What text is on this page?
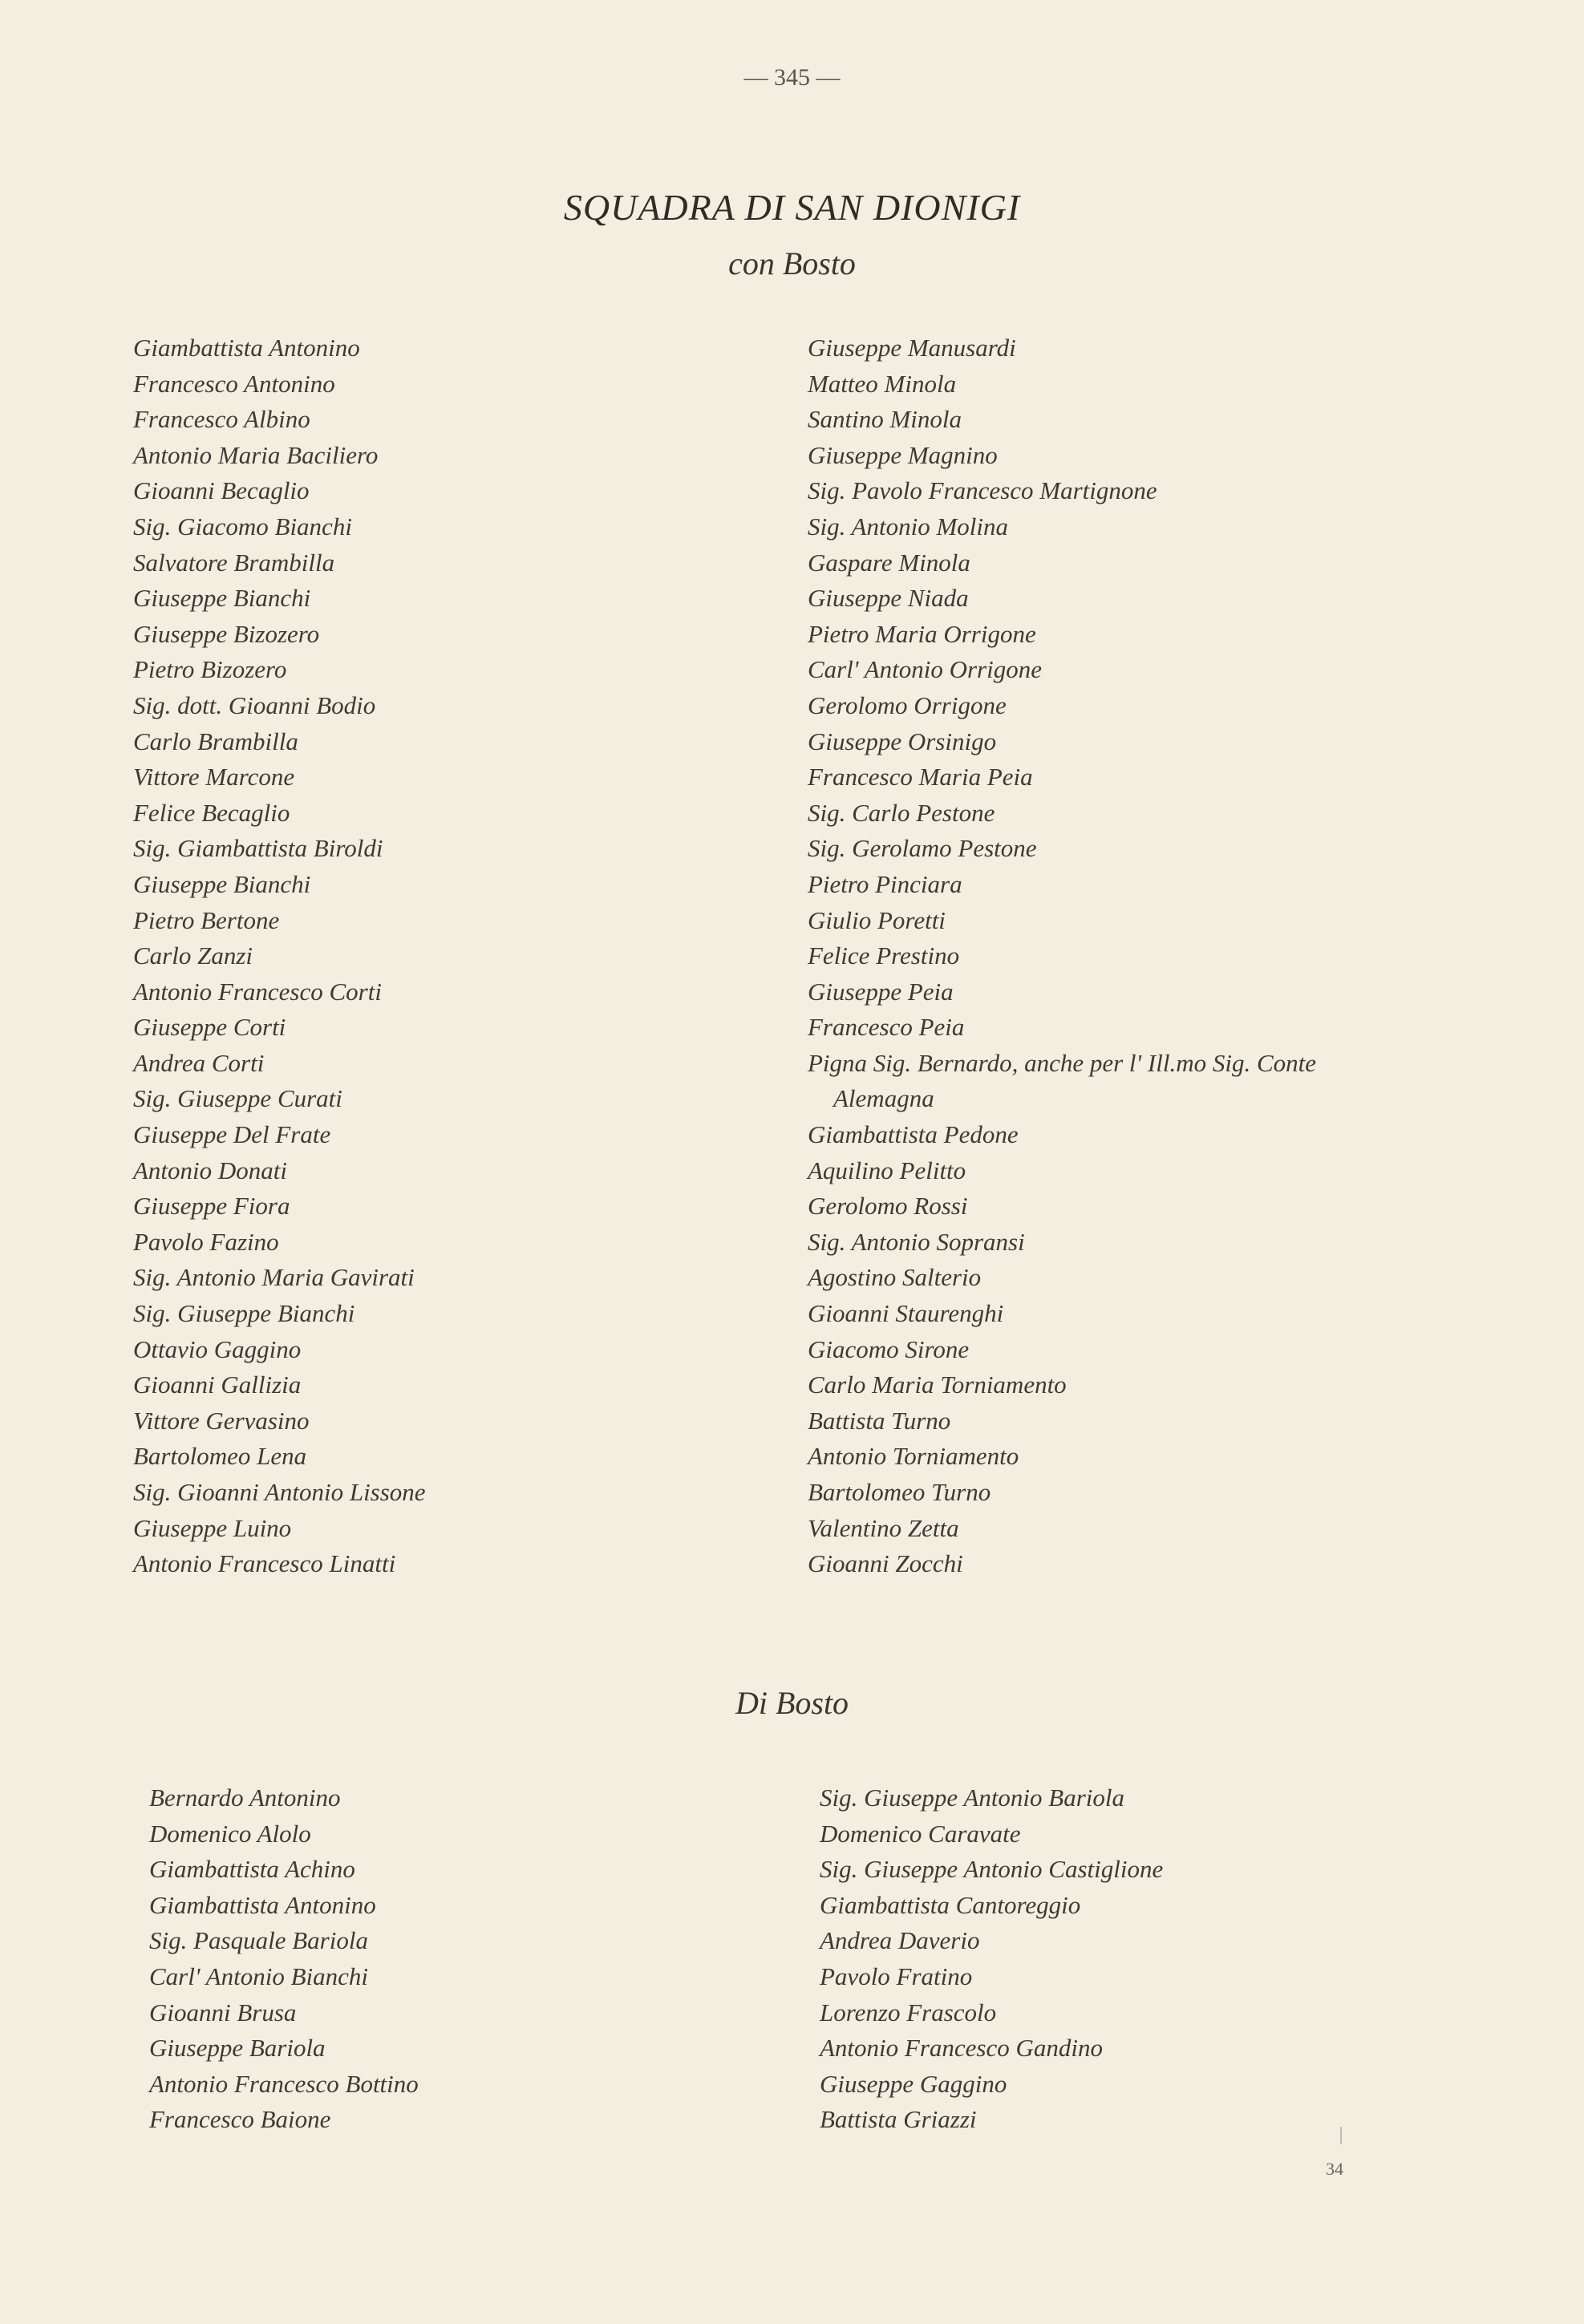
— 345 —
SQUADRA DI SAN DIONIGI
con Bosto
Giambattista Antonino
Francesco Antonino
Francesco Albino
Antonio Maria Baciliero
Gioanni Becaglio
Sig. Giacomo Bianchi
Salvatore Brambilla
Giuseppe Bianchi
Giuseppe Bizozero
Pietro Bizozero
Sig. dott. Gioanni Bodio
Carlo Brambilla
Vittore Marcone
Felice Becaglio
Sig. Giambattista Biroldi
Giuseppe Bianchi
Pietro Bertone
Carlo Zanzi
Antonio Francesco Corti
Giuseppe Corti
Andrea Corti
Sig. Giuseppe Curati
Giuseppe Del Frate
Antonio Donati
Giuseppe Fiora
Pavolo Fazino
Sig. Antonio Maria Gavirati
Sig. Giuseppe Bianchi
Ottavio Gaggino
Gioanni Gallizia
Vittore Gervasino
Bartolomeo Lena
Sig. Gioanni Antonio Lissone
Giuseppe Luino
Antonio Francesco Linatti
Giuseppe Manusardi
Matteo Minola
Santino Minola
Giuseppe Magnino
Sig. Pavolo Francesco Martignone
Sig. Antonio Molina
Gaspare Minola
Giuseppe Niada
Pietro Maria Orrigone
Carl' Antonio Orrigone
Gerolomo Orrigone
Giuseppe Orsinigo
Francesco Maria Peia
Sig. Carlo Pestone
Sig. Gerolamo Pestone
Pietro Pinciara
Giulio Poretti
Felice Prestino
Giuseppe Peia
Francesco Peia
Pigna Sig. Bernardo, anche per l' Ill.mo Sig. Conte
Alemagna
Giambattista Pedone
Aquilino Pelitto
Gerolomo Rossi
Sig. Antonio Sopransi
Agostino Salterio
Gioanni Staurenghi
Giacomo Sirone
Carlo Maria Torniamento
Battista Turno
Antonio Torniamento
Bartolomeo Turno
Valentino Zetta
Gioanni Zocchi
Di Bosto
Bernardo Antonino
Domenico Alolo
Giambattista Achino
Giambattista Antonino
Sig. Pasquale Bariola
Carl' Antonio Bianchi
Gioanni Brusa
Giuseppe Bariola
Antonio Francesco Bottino
Francesco Baione
Sig. Giuseppe Antonio Bariola
Domenico Caravate
Sig. Giuseppe Antonio Castiglione
Giambattista Cantoreggio
Andrea Daverio
Pavolo Fratino
Lorenzo Frascolo
Antonio Francesco Gandino
Giuseppe Gaggino
Battista Griazzi
34
